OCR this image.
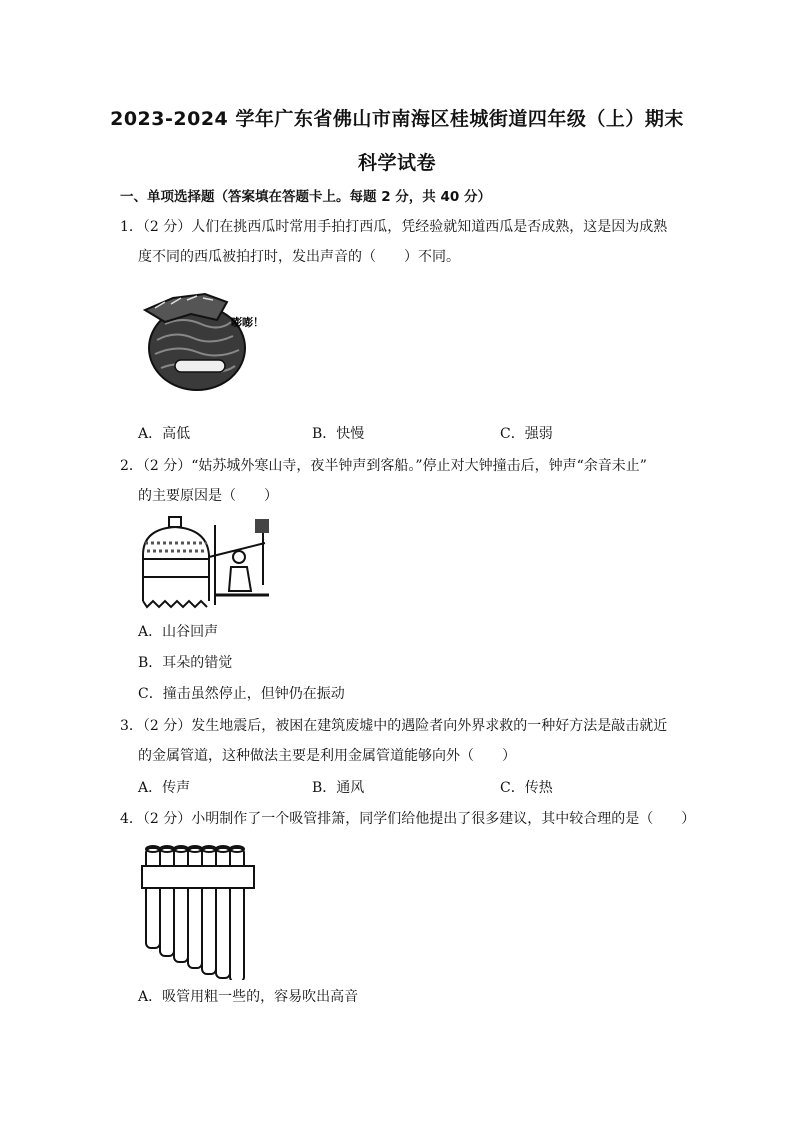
2023-2024 学年广东省佛山市南海区桂城街道四年级（上）期末
科学试卷
一、单项选择题（答案填在答题卡上。每题 2 分，共 40 分）
1．（2 分）人们在挑西瓜时常用手拍打西瓜，凭经验就知道西瓜是否成熟，这是因为成熟
度不同的西瓜被拍打时，发出声音的（　　）不同。
嘭嘭！
A．高低	B．快慢	C．强弱
2．（2 分）“姑苏城外寒山寺，夜半钟声到客船。”停止对大钟撞击后，钟声“余音未止”
的主要原因是（　　）
A．山谷回声
B．耳朵的错觉
C．撞击虽然停止，但钟仍在振动
3．（2 分）发生地震后，被困在建筑废墟中的遇险者向外界求救的一种好方法是敲击就近
的金属管道，这种做法主要是利用金属管道能够向外（　　）
A．传声	B．通风	C．传热
4．（2 分）小明制作了一个吸管排箫，同学们给他提出了很多建议，其中较合理的是（　　）
A．吸管用粗一些的，容易吹出高音
